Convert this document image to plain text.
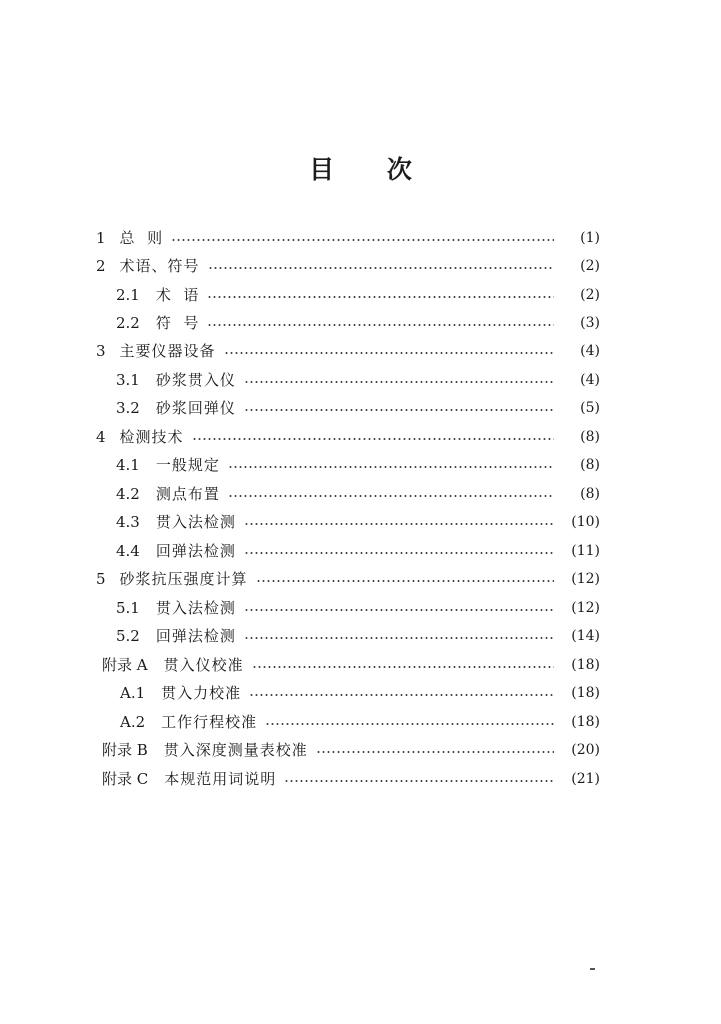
目 次
1 总  则	(1)
2 术语、符号	(2)
2.1 术  语	(2)
2.2 符  号	(3)
3 主要仪器设备	(4)
3.1 砂浆贯入仪	(4)
3.2 砂浆回弹仪	(5)
4 检测技术	(8)
4.1 一般规定	(8)
4.2 测点布置	(8)
4.3 贯入法检测	(10)
4.4 回弹法检测	(11)
5 砂浆抗压强度计算	(12)
5.1 贯入法检测	(12)
5.2 回弹法检测	(14)
附录 A 贯入仪校准	(18)
A.1 贯入力校准	(18)
A.2 工作行程校准	(18)
附录 B 贯入深度测量表校准	(20)
附录 C 本规范用词说明	(21)
